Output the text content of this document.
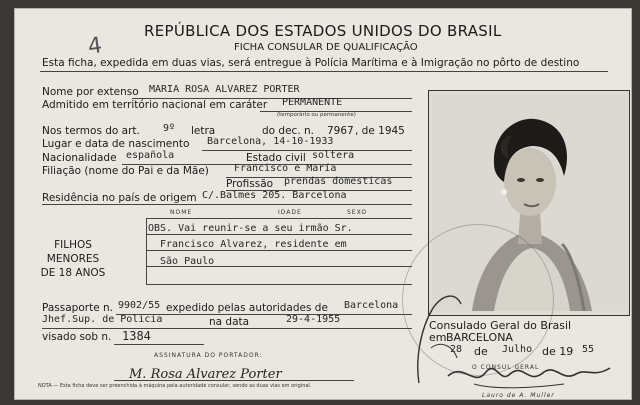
4
REPÚBLICA DOS ESTADOS UNIDOS DO BRASIL
FICHA CONSULAR DE QUALIFICAÇÃO
Esta ficha, expedida em duas vias, será entregue à Polícia Marítima e à Imigração no pôrto de destino
Nome por extenso MARIA ROSA ALVAREZ PORTER
Admitido em território nacional em caráter PERMANENTE
(temporário ou permanente)
Nos termos do art. 9º letra	do dec. n. 7967 , de 1945
Lugar e data de nascimento Barcelona, 14-10-1933
Nacionalidade española	Estado civil soltera
Filiação (nome do Pai e da Mãe)	Francisco e María
Profissão prendas domesticas
Residência no país de origem C/.Balmes 205. Barcelona
NOME	IDADE	SEXO
FILHOS
MENORES
DE 18 ANOS
OBS. Vai reunir-se a seu irmão Sr.
Francisco Alvarez, residente em
São Paulo
Passaporte n. 9902/55 expedido pelas autoridades de Barcelona
Jhef.Sup. de Policia	na data	29-4-1955
visado sob n. 1384
ASSINATURA DO PORTADOR:
M. Rosa Alvarez Porter
NOTA — Esta ficha deve ser preenchida à máquina pela autoridade consular, sendo as duas vias em original.
Consulado Geral do Brasil
em BARCELONA
28 de Julho de 19 55
O CONSUL GERAL
Lauro de A. Muller
